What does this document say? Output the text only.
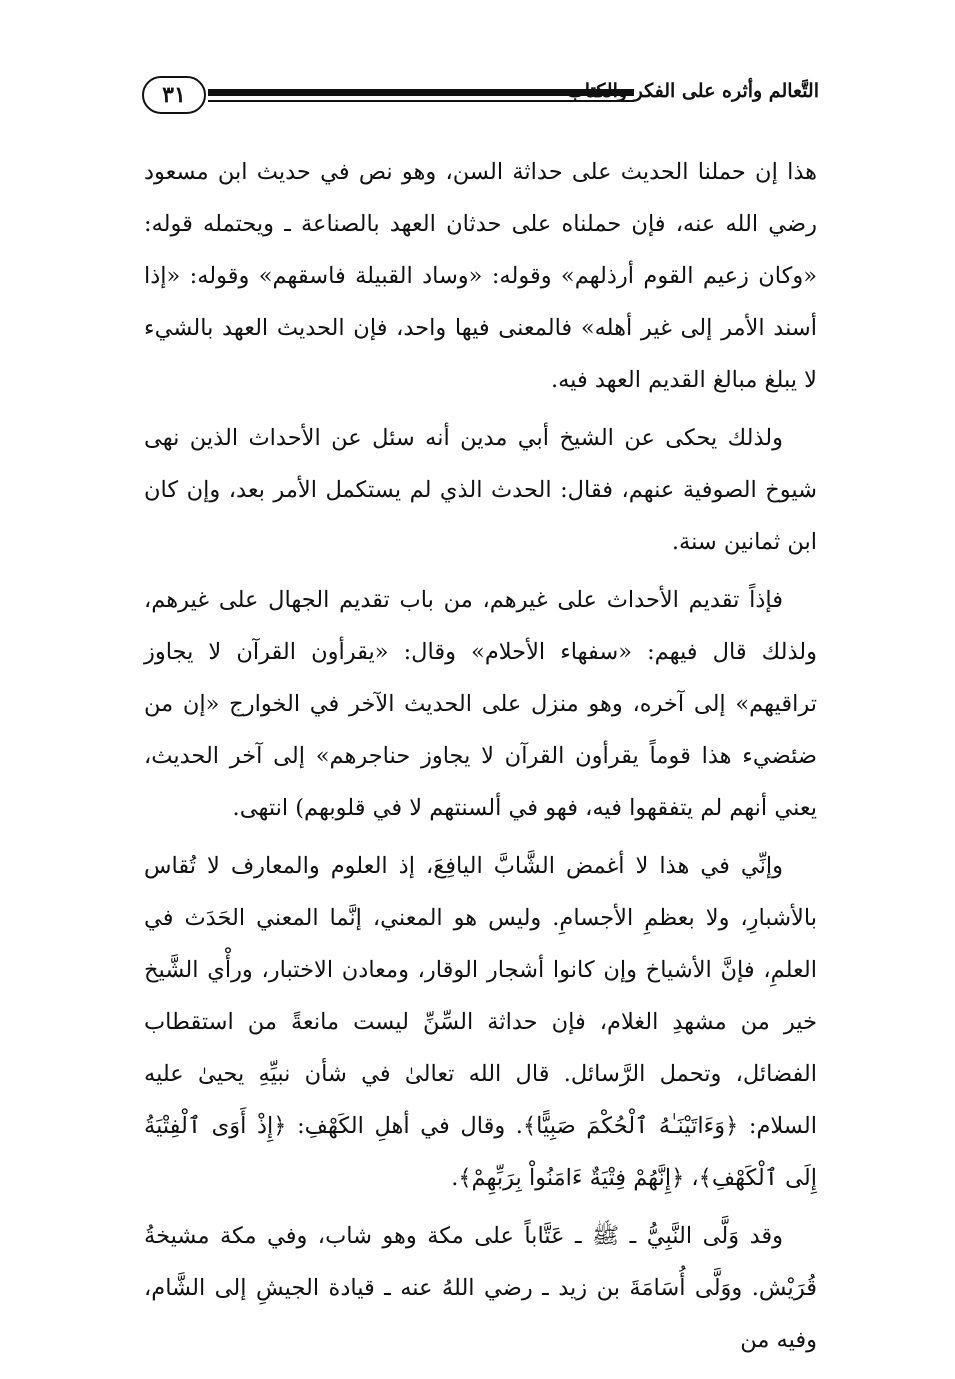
٣١	التَّعالم وأثره على الفكر والكتاب

هذا إن حملنا الحديث على حداثة السن، وهو نص في حديث ابن مسعود رضي الله عنه، فإن حملناه على حدثان العهد بالصناعة ـ ويحتمله قوله: «وكان زعيم القوم أرذلهم» وقوله: «وساد القبيلة فاسقهم» وقوله: «إذا أسند الأمر إلى غير أهله» فالمعنى فيها واحد، فإن الحديث العهد بالشيء لا يبلغ مبالغ القديم العهد فيه.

ولذلك يحكى عن الشيخ أبي مدين أنه سئل عن الأحداث الذين نهى شيوخ الصوفية عنهم، فقال: الحدث الذي لم يستكمل الأمر بعد، وإن كان ابن ثمانين سنة.

فإذاً تقديم الأحداث على غيرهم، من باب تقديم الجهال على غيرهم، ولذلك قال فيهم: «سفهاء الأحلام» وقال: «يقرأون القرآن لا يجاوز تراقيهم» إلى آخره، وهو منزل على الحديث الآخر في الخوارج «إن من ضئضيء هذا قوماً يقرأون القرآن لا يجاوز حناجرهم» إلى آخر الحديث، يعني أنهم لم يتفقهوا فيه، فهو في ألسنتهم لا في قلوبهم) انتهى.

وإنِّي في هذا لا أغمض الشَّابَّ اليافِعَ، إذ العلوم والمعارف لا تُقاس بالأشبارِ، ولا بعظمِ الأجسامِ. وليس هو المعني، إنَّما المعني الحَدَث في العلمِ، فإنَّ الأشياخ وإن كانوا أشجار الوقار، ومعادن الاختبار، ورأْي الشَّيخ خير من مشهدِ الغلام، فإن حداثة السِّنِّ ليست مانعةً من استقطاب الفضائل، وتحمل الرَّسائل. قال الله تعالىٰ في شأن نبيِّهِ يحيىٰ عليه السلام: ﴿وَءَاتَيْنَـٰهُ ٱلْحُكْمَ صَبِيًّا﴾. وقال في أهلِ الكَهْفِ: ﴿إِذْ أَوَى ٱلْفِتْيَةُ إِلَى ٱلْكَهْفِ﴾، ﴿إِنَّهُمْ فِتْيَةٌ ءَامَنُواْ بِرَبِّهِمْ﴾.

وقد وَلَّى النَّبِيُّ ـ ﷺ ـ عَتَّاباً على مكة وهو شاب، وفي مكة مشيخةُ قُرَيْش. ووَلَّى أُسَامَةَ بن زيد ـ رضي اللهُ عنه ـ قيادة الجيشِ إلى الشَّام، وفيه من
